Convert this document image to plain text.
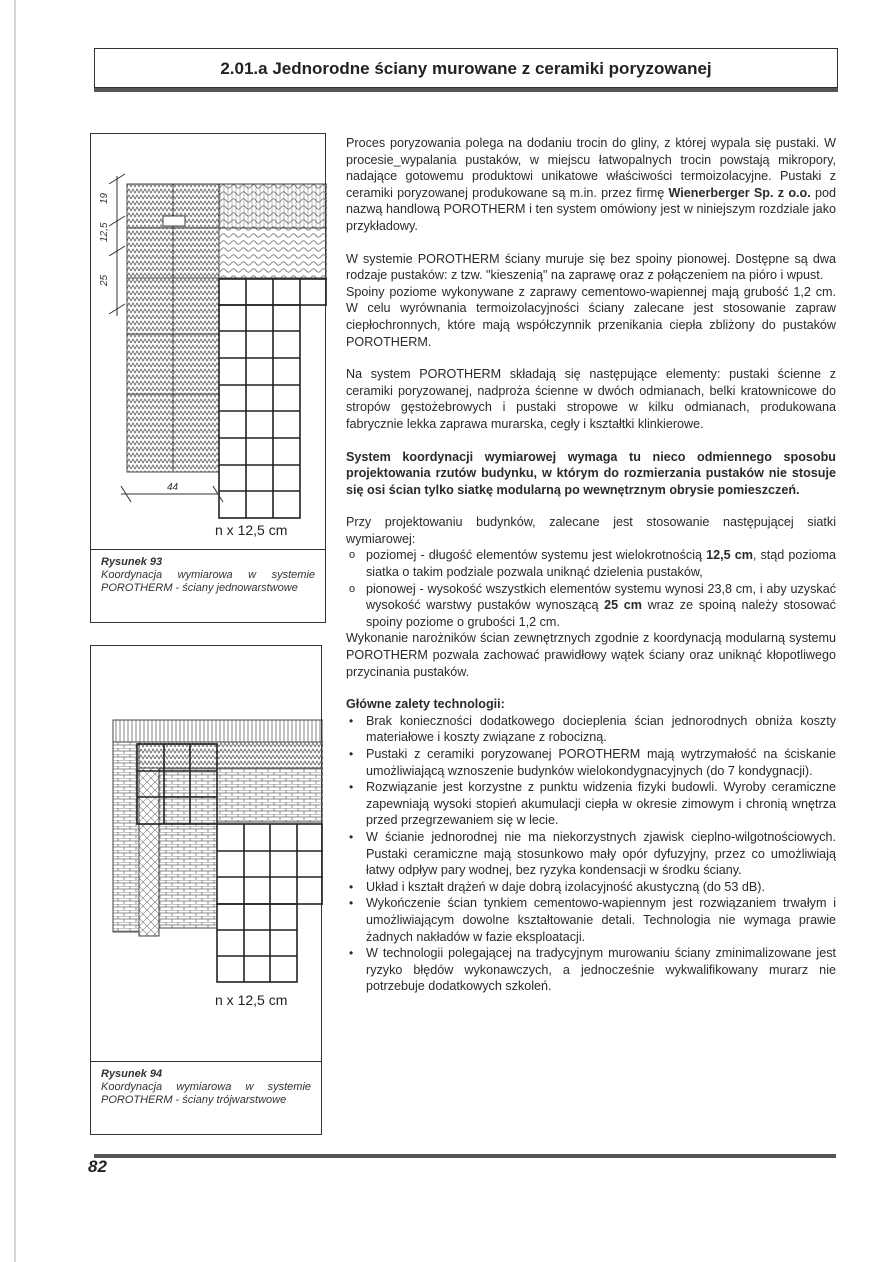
2.01.a Jednorodne ściany murowane z ceramiki poryzowanej
19
12,5
25
44
n x 12,5 cm
Rysunek 93
Koordynacja wymiarowa w systemie POROTHERM - ściany jednowarstwowe
n x 12,5 cm
Rysunek 94
Koordynacja wymiarowa w systemie POROTHERM - ściany trójwarstwowe

Proces poryzowania polega na dodaniu trocin do gliny, z której wypala się pustaki. W procesie_wypalania pustaków, w miejscu łatwopalnych trocin powstają mikropory, nadające gotowemu produktowi unikatowe właściwości termoizolacyjne. Pustaki z ceramiki poryzowanej produkowane są m.in. przez firmę Wienerberger Sp. z o.o. pod nazwą handlową POROTHERM i ten system omówiony jest w niniejszym rozdziale jako przykładowy.

W systemie POROTHERM ściany muruje się bez spoiny pionowej. Dostępne są dwa rodzaje pustaków: z tzw. "kieszenią" na zaprawę oraz z połączeniem na pióro i wpust.

Spoiny poziome wykonywane z zaprawy cementowo-wapiennej mają grubość 1,2 cm. W celu wyrównania termoizolacyjności ściany zalecane jest stosowanie zapraw ciepłochronnych, które mają współczynnik przenikania ciepła zbliżony do pustaków POROTHERM.

Na system POROTHERM składają się następujące elementy: pustaki ścienne z ceramiki poryzowanej, nadproża ścienne w dwóch odmianach, belki kratownicowe do stropów gęstożebrowych i pustaki stropowe w kilku odmianach, produkowana fabrycznie lekka zaprawa murarska, cegły i kształtki klinkierowe.

System koordynacji wymiarowej wymaga tu nieco odmiennego sposobu projektowania rzutów budynku, w którym do rozmierzania pustaków nie stosuje się osi ścian tylko siatkę modularną po wewnętrznym obrysie pomieszczeń.

Przy projektowaniu budynków, zalecane jest stosowanie następującej siatki wymiarowej:

o poziomej - długość elementów systemu jest wielokrotnością 12,5 cm, stąd pozioma siatka o takim podziale pozwala uniknąć dzielenia pustaków,
o pionowej - wysokość wszystkich elementów systemu wynosi 23,8 cm, i aby uzyskać wysokość warstwy pustaków wynoszącą 25 cm wraz ze spoiną należy stosować spoiny poziome o grubości 1,2 cm.

Wykonanie narożników ścian zewnętrznych zgodnie z koordynacją modularną systemu POROTHERM pozwala zachować prawidłowy wątek ściany oraz uniknąć kłopotliwego przycinania pustaków.

Główne zalety technologii:
• Brak konieczności dodatkowego docieplenia ścian jednorodnych obniża koszty materiałowe i koszty związane z robocizną.
• Pustaki z ceramiki poryzowanej POROTHERM mają wytrzymałość na ściskanie umożliwiającą wznoszenie budynków wielokondygnacyjnych (do 7 kondygnacji).
• Rozwiązanie jest korzystne z punktu widzenia fizyki budowli. Wyroby ceramiczne zapewniają wysoki stopień akumulacji ciepła w okresie zimowym i chronią wnętrza przed przegrzewaniem się w lecie.
• W ścianie jednorodnej nie ma niekorzystnych zjawisk cieplno-wilgotnościowych. Pustaki ceramiczne mają stosunkowo mały opór dyfuzyjny, przez co umożliwiają łatwy odpływ pary wodnej, bez ryzyka kondensacji w środku ściany.
• Układ i kształt drążeń w daje dobrą izolacyjność akustyczną (do 53 dB).
• Wykończenie ścian tynkiem cementowo-wapiennym jest rozwiązaniem trwałym i umożliwiającym dowolne kształtowanie detali. Technologia nie wymaga prawie żadnych nakładów w fazie eksploatacji.
• W technologii polegającej na tradycyjnym murowaniu ściany zminimalizowane jest ryzyko błędów wykonawczych, a jednocześnie wykwalifikowany murarz nie potrzebuje dodatkowych szkoleń.
82
